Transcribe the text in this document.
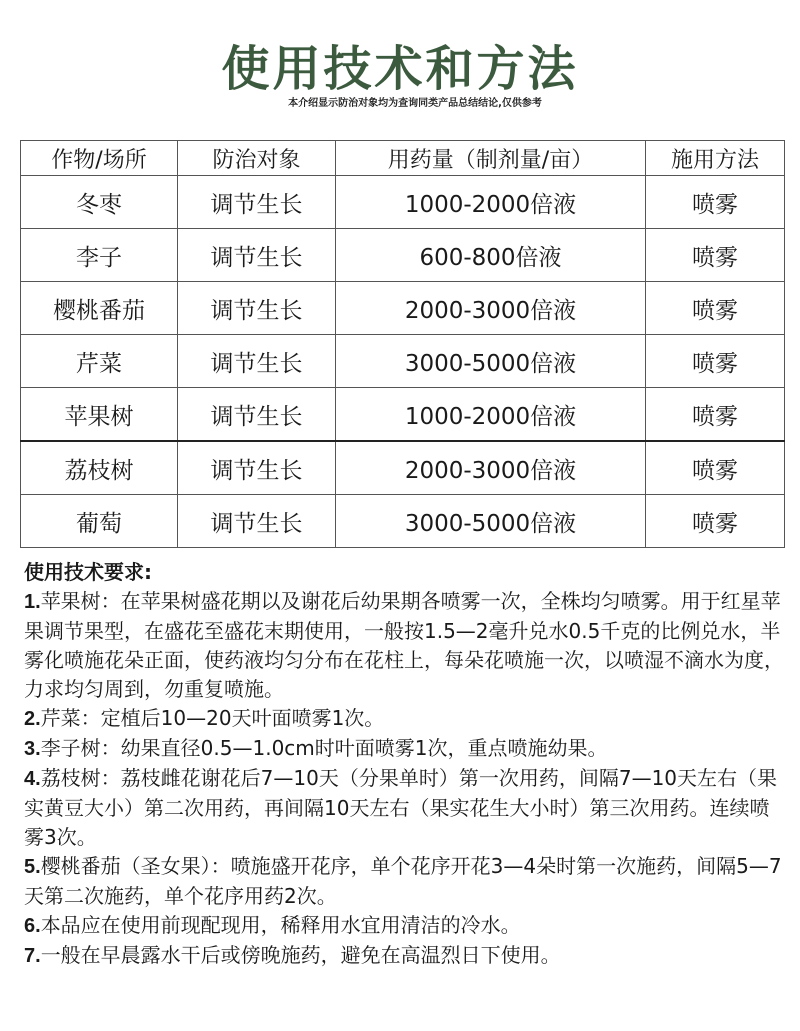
使用技术和方法
本介绍显示防治对象均为查询同类产品总结结论,仅供参考
作物/场所	防治对象	用药量（制剂量/亩）	施用方法
冬枣	调节生长	1000-2000倍液	喷雾
李子	调节生长	600-800倍液	喷雾
樱桃番茄	调节生长	2000-3000倍液	喷雾
芹菜	调节生长	3000-5000倍液	喷雾
苹果树	调节生长	1000-2000倍液	喷雾
荔枝树	调节生长	2000-3000倍液	喷雾
葡萄	调节生长	3000-5000倍液	喷雾
使用技术要求:

1.苹果树：在苹果树盛花期以及谢花后幼果期各喷雾一次，全株均匀喷雾。用于红星苹果调节果型，在盛花至盛花末期使用，一般按1.5—2毫升兑水0.5千克的比例兑水，半雾化喷施花朵正面，使药液均匀分布在花柱上，每朵花喷施一次，以喷湿不滴水为度，力求均匀周到，勿重复喷施。

2.芹菜：定植后10—20天叶面喷雾1次。

3.李子树：幼果直径0.5—1.0cm时叶面喷雾1次，重点喷施幼果。

4.荔枝树：荔枝雌花谢花后7—10天（分果单时）第一次用药，间隔7—10天左右（果实黄豆大小）第二次用药，再间隔10天左右（果实花生大小时）第三次用药。连续喷雾3次。

5.樱桃番茄（圣女果）：喷施盛开花序，单个花序开花3—4朵时第一次施药，间隔5—7天第二次施药，单个花序用药2次。

6.本品应在使用前现配现用，稀释用水宜用清洁的冷水。

7.一般在早晨露水干后或傍晚施药，避免在高温烈日下使用。
